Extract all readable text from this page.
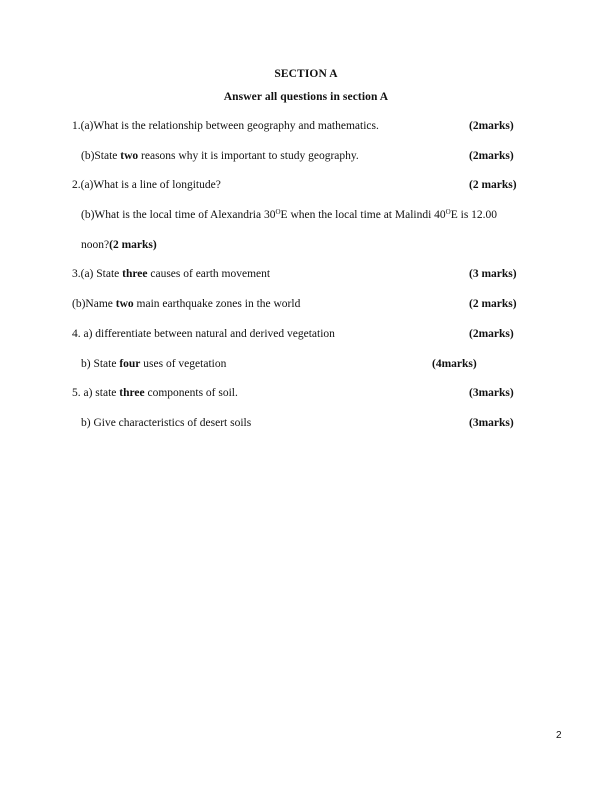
SECTION A
Answer all questions in section A
1.(a)What is the relationship between geography and mathematics.	(2marks)
(b)State two reasons why it is important to study geography.	(2marks)
2.(a)What is a line of longitude?	(2 marks)
(b)What is the local time of Alexandria $30^OE$ when the local time at Malindi $40^OE$ is 12.00
noon?(2 marks)
3.(a) State three causes of earth movement	(3 marks)
(b)Name two main earthquake zones in the world	(2 marks)
4. a) differentiate between natural and derived vegetation	(2marks)
b) State four uses of vegetation	(4marks)
5. a) state three components of soil.	(3marks)
b) Give characteristics of desert soils	(3marks)
2
